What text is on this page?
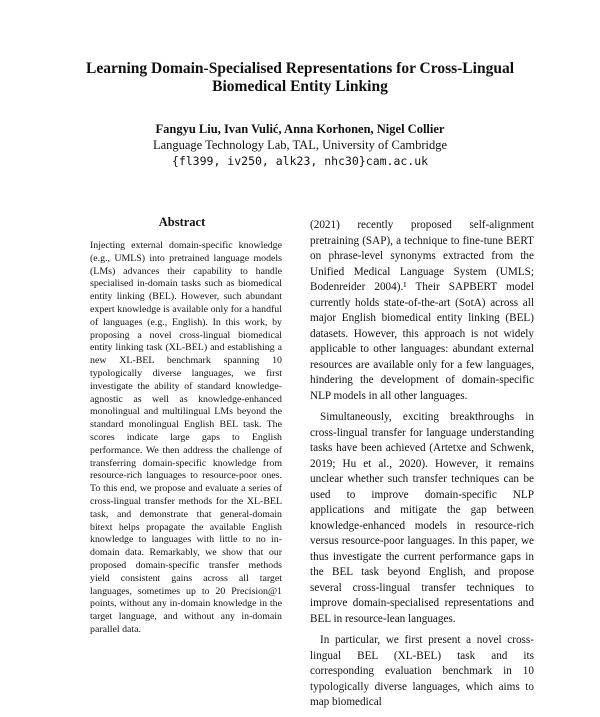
Learning Domain-Specialised Representations for Cross-Lingual
Biomedical Entity Linking
Fangyu Liu, Ivan Vulić, Anna Korhonen, Nigel Collier
Language Technology Lab, TAL, University of Cambridge
{fl399, iv250, alk23, nhc30}cam.ac.uk
Abstract
Injecting external domain-specific knowledge (e.g., UMLS) into pretrained language models (LMs) advances their capability to handle specialised in-domain tasks such as biomedical entity linking (BEL). However, such abundant expert knowledge is available only for a handful of languages (e.g., English). In this work, by proposing a novel cross-lingual biomedical entity linking task (XL-BEL) and establishing a new XL-BEL benchmark spanning 10 typologically diverse languages, we first investigate the ability of standard knowledge-agnostic as well as knowledge-enhanced monolingual and multilingual LMs beyond the standard monolingual English BEL task. The scores indicate large gaps to English performance. We then address the challenge of transferring domain-specific knowledge from resource-rich languages to resource-poor ones. To this end, we propose and evaluate a series of cross-lingual transfer methods for the XL-BEL task, and demonstrate that general-domain bitext helps propagate the available English knowledge to languages with little to no in-domain data. Remarkably, we show that our proposed domain-specific transfer methods yield consistent gains across all target languages, sometimes up to 20 Precision@1 points, without any in-domain knowledge in the target language, and without any in-domain parallel data.

(2021) recently proposed self-alignment pretraining (SAP), a technique to fine-tune BERT on phrase-level synonyms extracted from the Unified Medical Language System (UMLS; Bodenreider 2004).¹ Their SAPBERT model currently holds state-of-the-art (SotA) across all major English biomedical entity linking (BEL) datasets. However, this approach is not widely applicable to other languages: abundant external resources are available only for a few languages, hindering the development of domain-specific NLP models in all other languages.

Simultaneously, exciting breakthroughs in cross-lingual transfer for language understanding tasks have been achieved (Artetxe and Schwenk, 2019; Hu et al., 2020). However, it remains unclear whether such transfer techniques can be used to improve domain-specific NLP applications and mitigate the gap between knowledge-enhanced models in resource-rich versus resource-poor languages. In this paper, we thus investigate the current performance gaps in the BEL task beyond English, and propose several cross-lingual transfer techniques to improve domain-specialised representations and BEL in resource-lean languages.

In particular, we first present a novel cross-lingual BEL (XL-BEL) task and its corresponding evaluation benchmark in 10 typologically diverse languages, which aims to map biomedical
